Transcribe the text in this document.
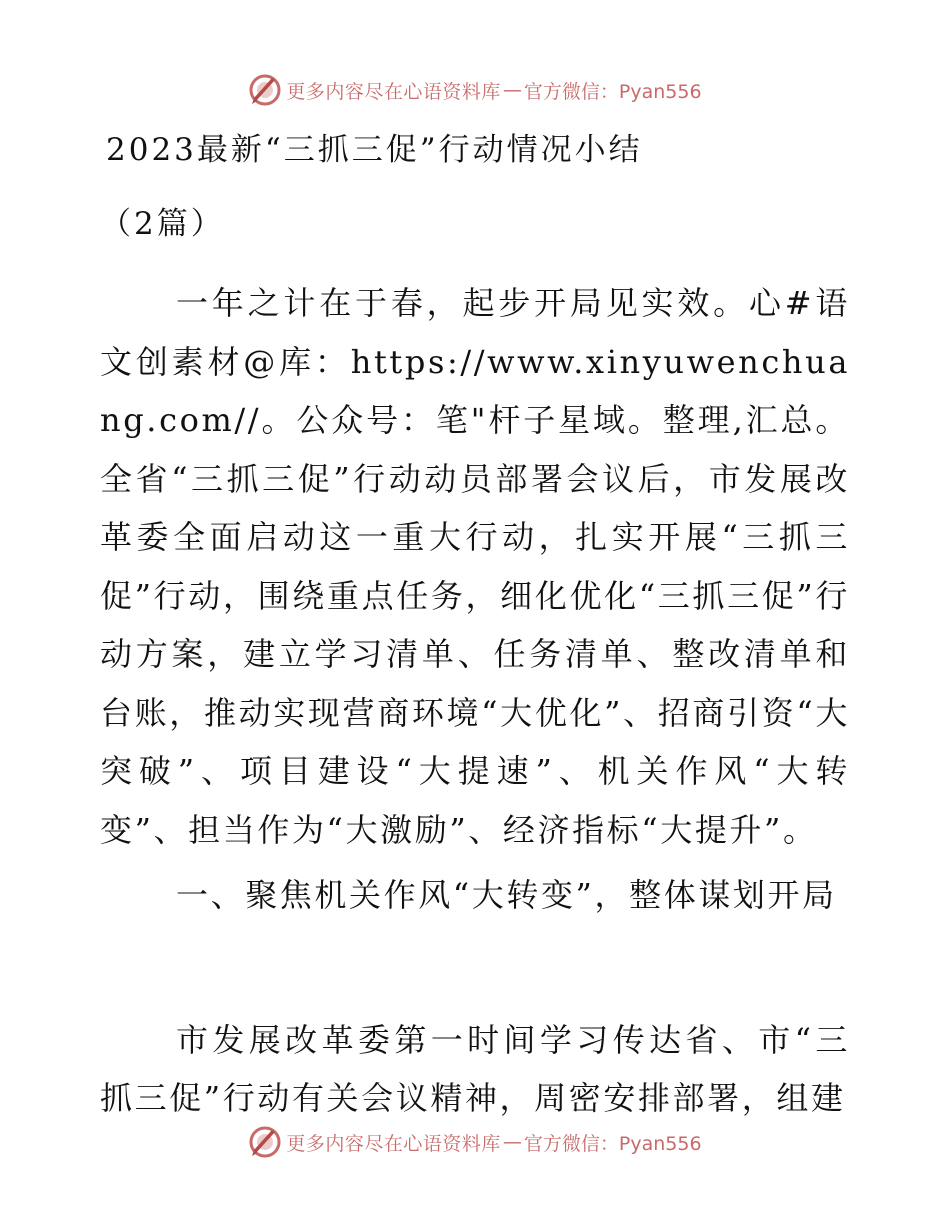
更多内容尽在心语资料库 — 官方微信：Pyan556
2023最新“三抓三促”行动情况小结
（2篇）
一年之计在于春，起步开局见实效。心#语文创素材@库：https://www.xinyuwenchuang.com//。公众号：笔"杆子星域。整理,汇总。全省“三抓三促”行动动员部署会议后，市发展改革委全面启动这一重大行动，扎实开展“三抓三促”行动，围绕重点任务，细化优化“三抓三促”行动方案，建立学习清单、任务清单、整改清单和台账，推动实现营商环境“大优化”、招商引资“大突破”、项目建设“大提速”、机关作风“大转变”、担当作为“大激励”、经济指标“大提升”。
一、聚焦机关作风“大转变”，整体谋划开局
市发展改革委第一时间学习传达省、市“三抓三促”行动有关会议精神，周密安排部署，组建
更多内容尽在心语资料库 — 官方微信：Pyan556
